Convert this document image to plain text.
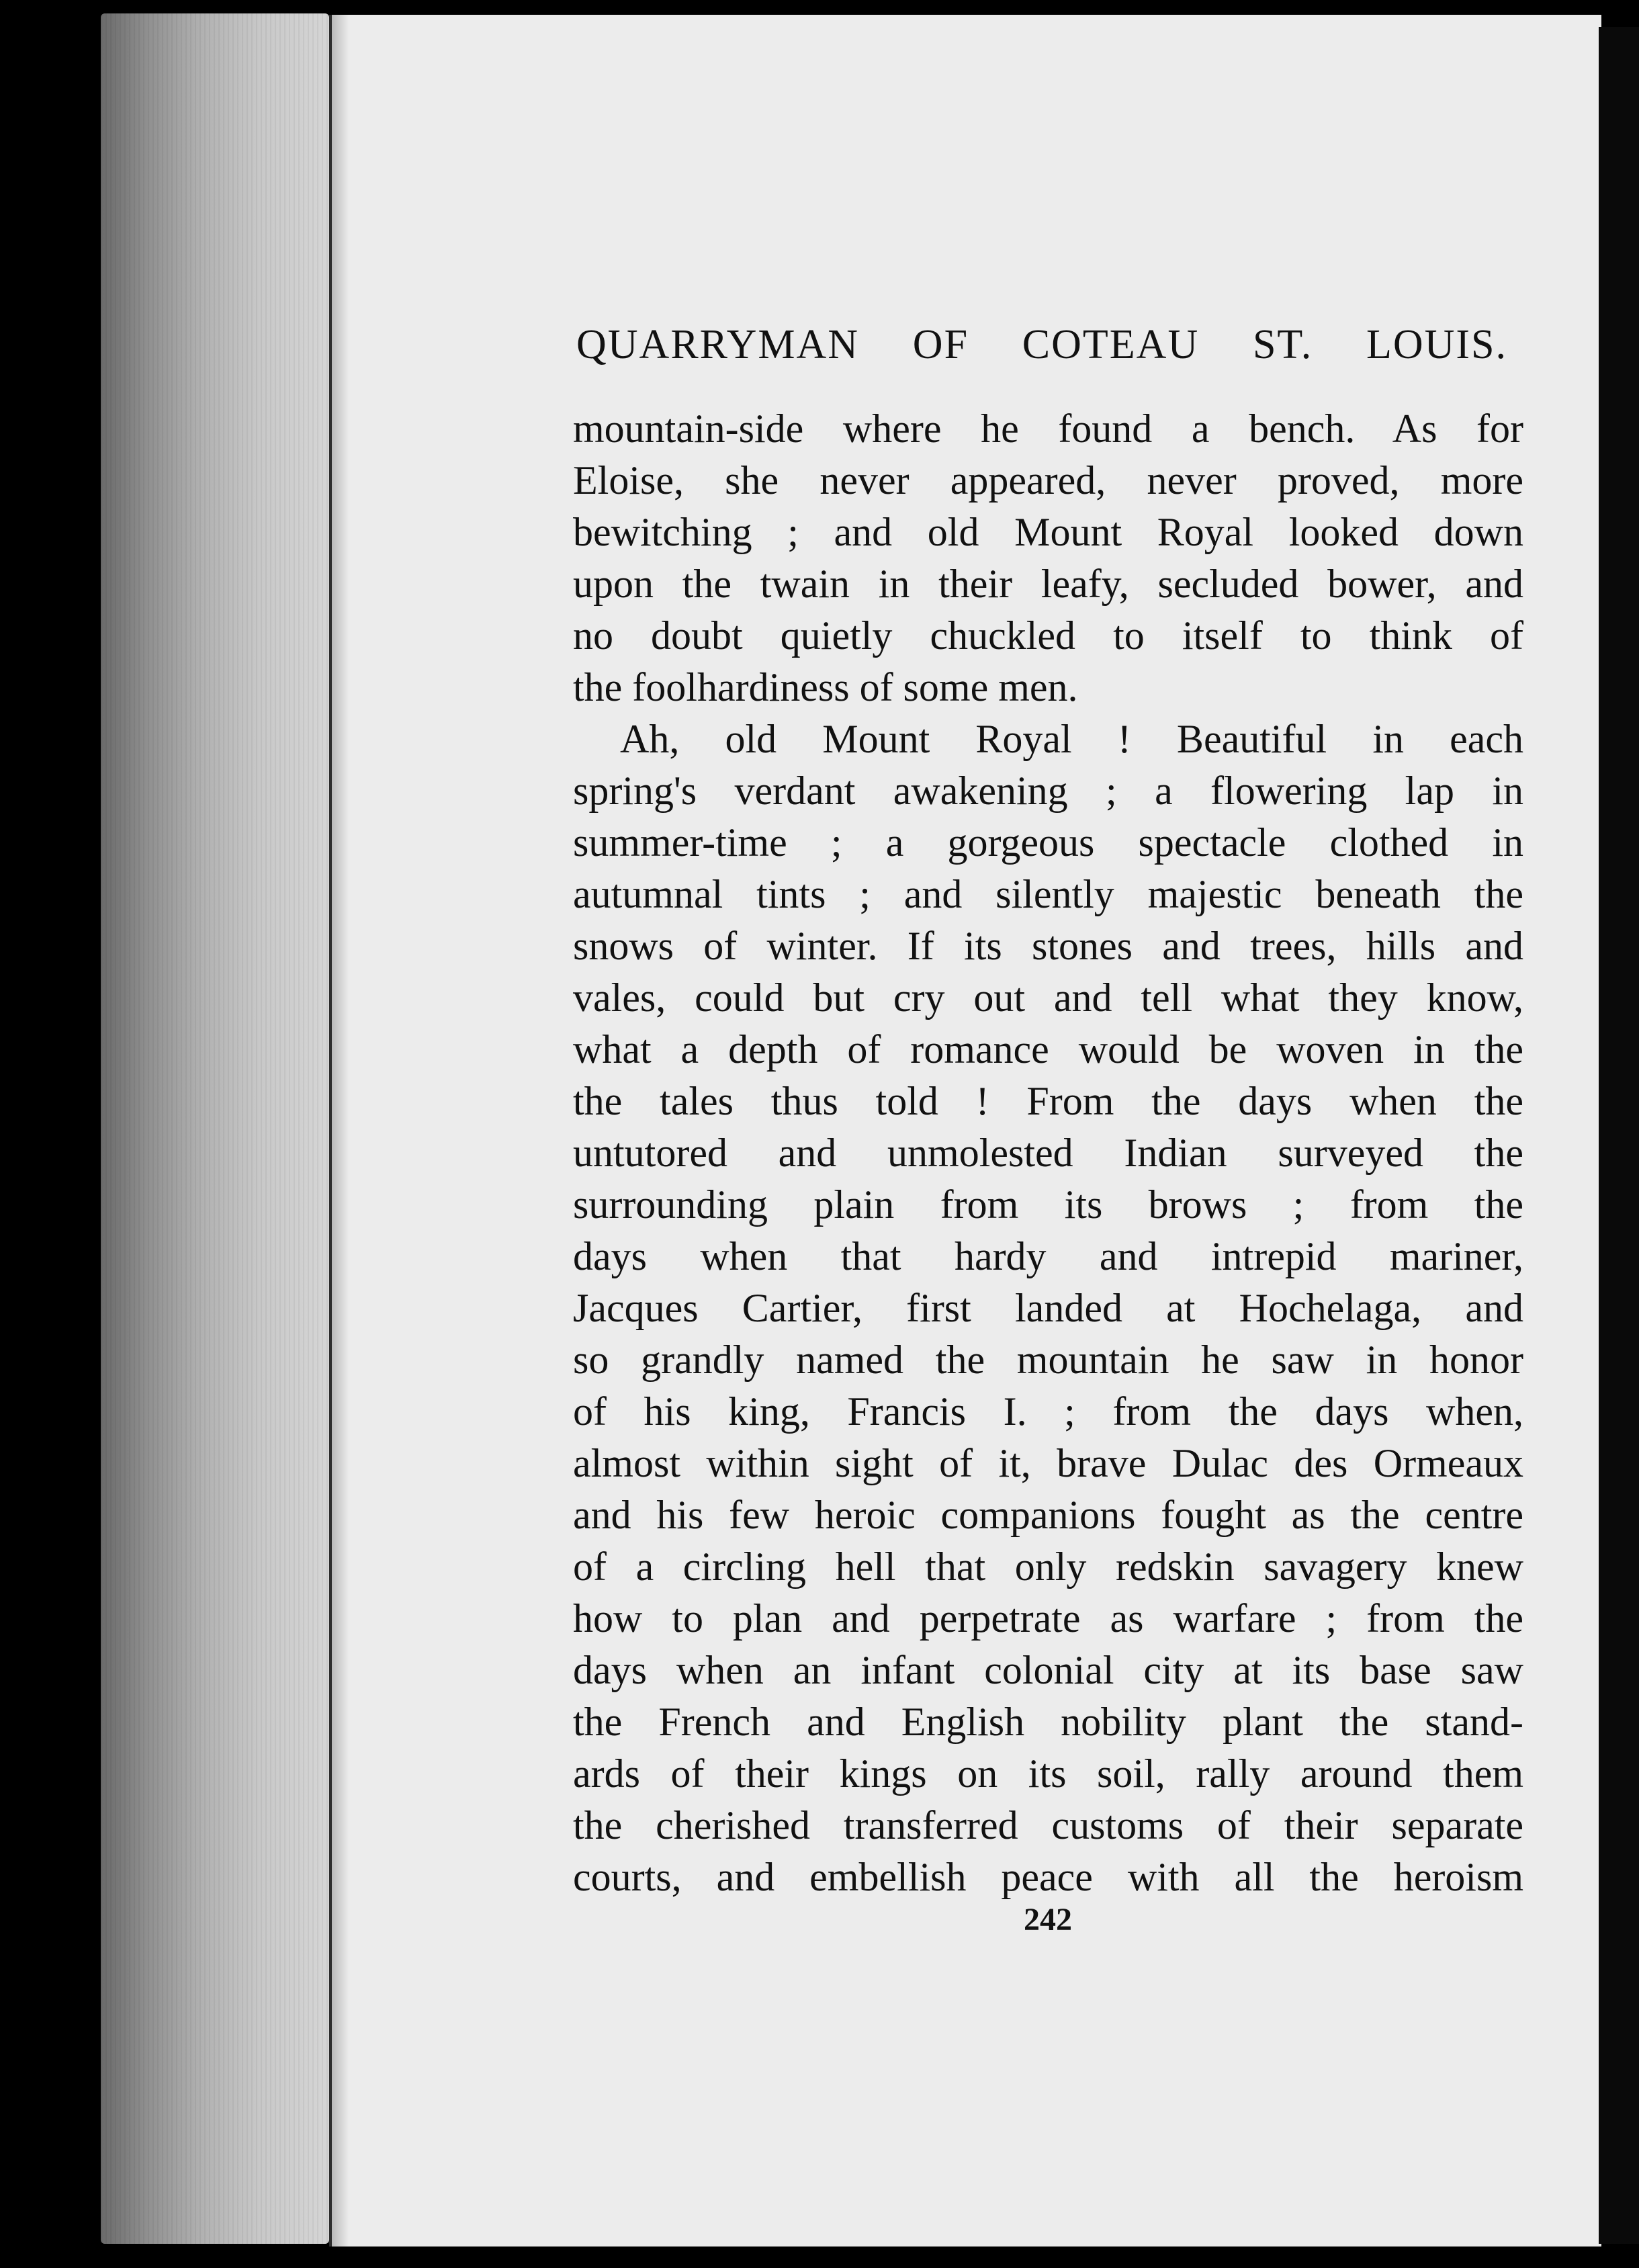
QUARRYMAN OF COTEAU ST. LOUIS.
mountain-side where he found a bench. As for
Eloise, she never appeared, never proved, more
bewitching ; and old Mount Royal looked down
upon the twain in their leafy, secluded bower, and
no doubt quietly chuckled to itself to think of
the foolhardiness of some men.
Ah, old Mount Royal ! Beautiful in each
spring's verdant awakening ; a flowering lap in
summer-time ; a gorgeous spectacle clothed in
autumnal tints ; and silently majestic beneath the
snows of winter. If its stones and trees, hills and
vales, could but cry out and tell what they know,
what a depth of romance would be woven in the
the tales thus told ! From the days when the
untutored and unmolested Indian surveyed the
surrounding plain from its brows ; from the
days when that hardy and intrepid mariner,
Jacques Cartier, first landed at Hochelaga, and
so grandly named the mountain he saw in honor
of his king, Francis I. ; from the days when,
almost within sight of it, brave Dulac des Ormeaux
and his few heroic companions fought as the centre
of a circling hell that only redskin savagery knew
how to plan and perpetrate as warfare ; from the
days when an infant colonial city at its base saw
the French and English nobility plant the stand-
ards of their kings on its soil, rally around them
the cherished transferred customs of their separate
courts, and embellish peace with all the heroism
242
